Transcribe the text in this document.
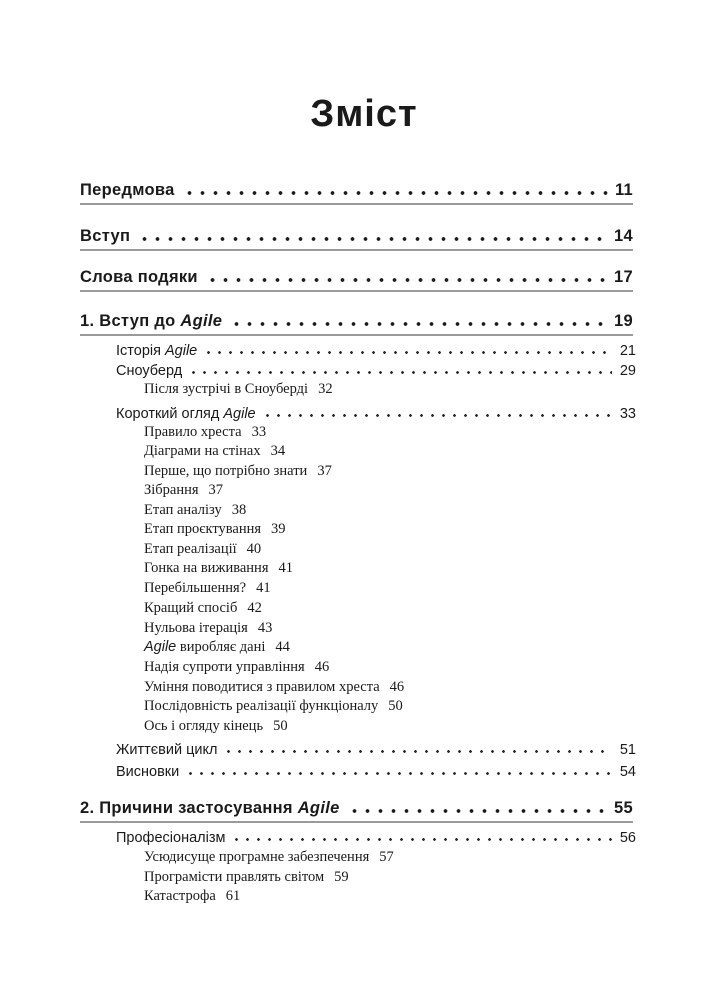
Зміст
Передмова	11
Вступ	14
Слова подяки	17
1. Вступ до Agile	19
Історія Agile	21
Сноуберд	29
Після зустрічі в Сноуберді 32
Короткий огляд Agile	33
Правило хреста 33
Діаграми на стінах 34
Перше, що потрібно знати 37
Зібрання 37
Етап аналізу 38
Етап проєктування 39
Етап реалізації 40
Гонка на виживання 41
Перебільшення? 41
Кращий спосіб 42
Нульова ітерація 43
Agile виробляє дані 44
Надія супроти управління 46
Уміння поводитися з правилом хреста 46
Послідовність реалізації функціоналу 50
Ось і огляду кінець 50
Життєвий цикл	51
Висновки	54
2. Причини застосування Agile	55
Професіоналізм	56
Усюдисуще програмне забезпечення 57
Програмісти правлять світом 59
Катастрофа 61
